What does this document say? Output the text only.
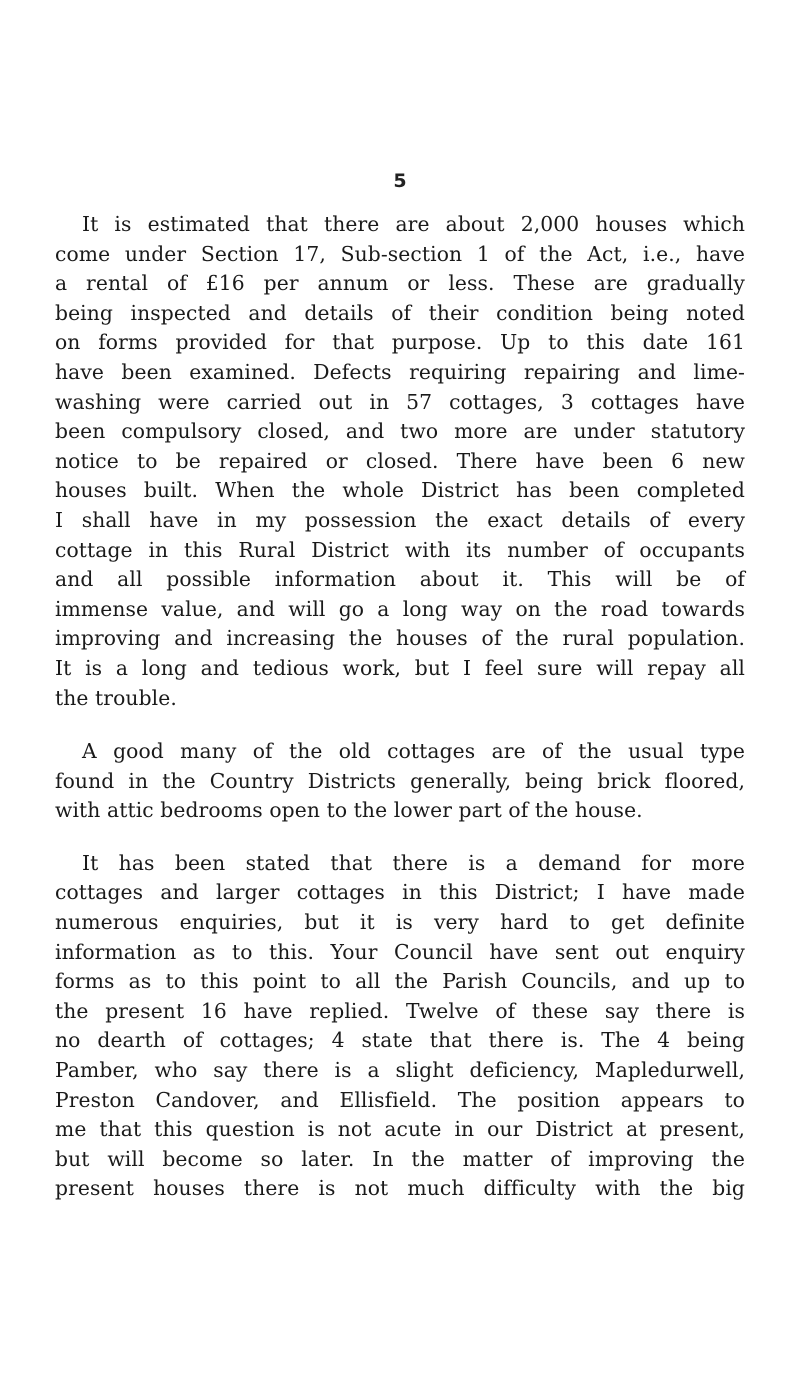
5
It is estimated that there are about 2,000 houses which
come under Section 17, Sub-section 1 of the Act, i.e., have
a rental of £16 per annum or less. These are gradually
being inspected and details of their condition being noted
on forms provided for that purpose. Up to this date 161
have been examined. Defects requiring repairing and lime-
washing were carried out in 57 cottages, 3 cottages have
been compulsory closed, and two more are under statutory
notice to be repaired or closed. There have been 6 new
houses built. When the whole District has been completed
I shall have in my possession the exact details of every
cottage in this Rural District with its number of occupants
and all possible information about it. This will be of
immense value, and will go a long way on the road towards
improving and increasing the houses of the rural population.
It is a long and tedious work, but I feel sure will repay all
the trouble.
A good many of the old cottages are of the usual type
found in the Country Districts generally, being brick floored,
with attic bedrooms open to the lower part of the house.
It has been stated that there is a demand for more
cottages and larger cottages in this District; I have made
numerous enquiries, but it is very hard to get definite
information as to this. Your Council have sent out enquiry
forms as to this point to all the Parish Councils, and up to
the present 16 have replied. Twelve of these say there is
no dearth of cottages; 4 state that there is. The 4 being
Pamber, who say there is a slight deficiency, Mapledurwell,
Preston Candover, and Ellisfield. The position appears to
me that this question is not acute in our District at present,
but will become so later. In the matter of improving the
present houses there is not much difficulty with the big
